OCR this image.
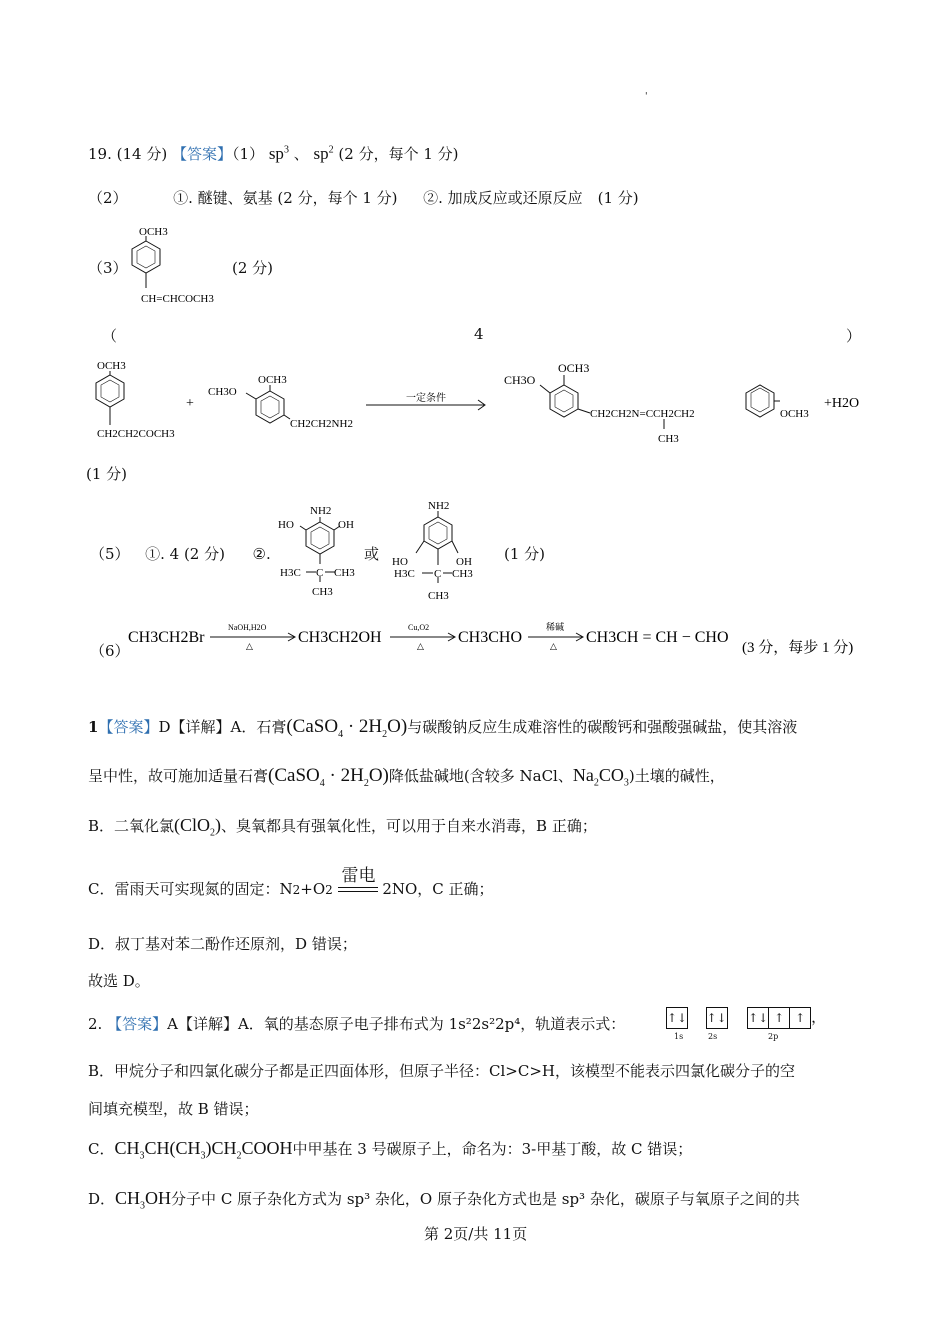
'
19. (14 分) 【答案】（1） $sp^3$ 、 $sp^2$ (2 分，每个 1 分)
（2）	①. 醚键、氨基 (2 分，每个 1 分) ②. 加成反应或还原反应　(1 分)
（3）
OCH3
CH=CHCOCH3
(2 分)
（	4	）
OCH3
CH2CH2COCH3
+
CH3O
OCH3
CH2CH2NH2
一定条件
CH3O
OCH3
CH2CH2N=CCH2CH2
CH3
OCH3
+H2O
(1 分)
（5） ①. 4 (2 分) ②.
NH2
HO	OH
H3C C CH3
CH3
或
NH2
HO	OH
H3C C CH3
CH3
(1 分)
（6）
CH3CH2Br
NaOH,H2O
△	CH3CH2OH
Cu,O2
△ CH3CHO
稀碱
△ CH3CH = CH − CHO
(3 分，每步 1 分)
1【答案】D【详解】A．石膏(CaSO$_4$ · $2H_2O$)与碳酸钠反应生成难溶性的碳酸钙和强酸强碱盐，使其溶液
呈中性，故可施加适量石膏(CaSO$_4$ · $2H_2O$)降低盐碱地(含较多 NaCl、$Na_2CO_3$)土壤的碱性，
B．二氧化氯(ClO$_2$)、臭氧都具有强氧化性，可以用于自来水消毒，B 正确；
C．雷雨天可实现氮的固定：N2+O2
雷电
2NO，C 正确；
D．叔丁基对苯二酚作还原剂，D 错误；
故选 D。
2. 【答案】A【详解】A．氧的基态原子电子排布式为 1s²2s²2p⁴，轨道表示式：	↑↓ ↑↓ ↑↓ ↑ ↑ ，
1s	2s	2p
B．甲烷分子和四氯化碳分子都是正四面体形，但原子半径：Cl>C>H，该模型不能表示四氯化碳分子的空
间填充模型，故 B 错误；
C．$CH_3CH(CH_3)CH_2COOH$中甲基在 3 号碳原子上，命名为：3-甲基丁酸，故 C 错误；
D．$CH_3OH$分子中 C 原子杂化方式为 sp³ 杂化，O 原子杂化方式也是 sp³ 杂化，碳原子与氧原子之间的共
第 2页/共 11页
